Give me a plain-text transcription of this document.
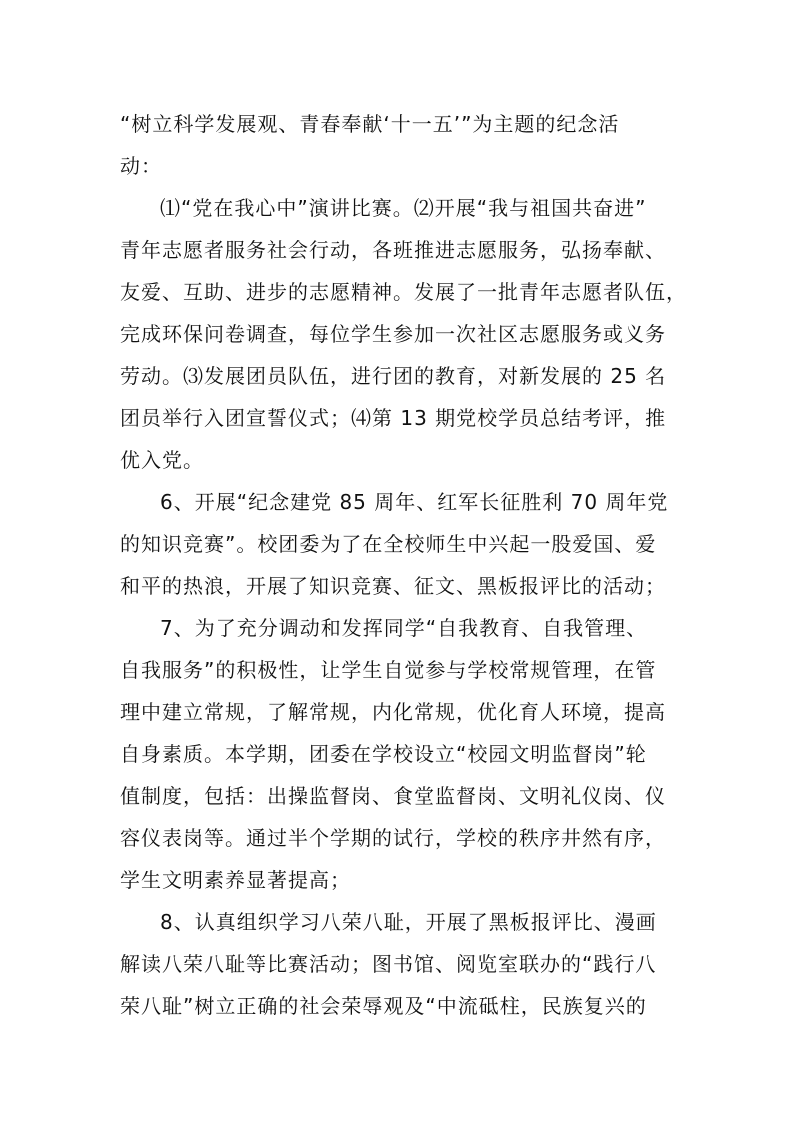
“树立科学发展观、青春奉献‘十一五’”为主题的纪念活
动：
⑴“党在我心中”演讲比赛。⑵开展“我与祖国共奋进”
青年志愿者服务社会行动，各班推进志愿服务，弘扬奉献、
友爱、互助、进步的志愿精神。发展了一批青年志愿者队伍，
完成环保问卷调查，每位学生参加一次社区志愿服务或义务
劳动。⑶发展团员队伍，进行团的教育，对新发展的 25 名
团员举行入团宣誓仪式；⑷第 13 期党校学员总结考评，推
优入党。
6、开展“纪念建党 85 周年、红军长征胜利 70 周年党
的知识竞赛”。校团委为了在全校师生中兴起一股爱国、爱
和平的热浪，开展了知识竞赛、征文、黑板报评比的活动；
7、为了充分调动和发挥同学“自我教育、自我管理、
自我服务”的积极性，让学生自觉参与学校常规管理，在管
理中建立常规，了解常规，内化常规，优化育人环境，提高
自身素质。本学期，团委在学校设立“校园文明监督岗”轮
值制度，包括：出操监督岗、食堂监督岗、文明礼仪岗、仪
容仪表岗等。通过半个学期的试行，学校的秩序井然有序，
学生文明素养显著提高；
8、认真组织学习八荣八耻，开展了黑板报评比、漫画
解读八荣八耻等比赛活动；图书馆、阅览室联办的“践行八
荣八耻”树立正确的社会荣辱观及“中流砥柱，民族复兴的
